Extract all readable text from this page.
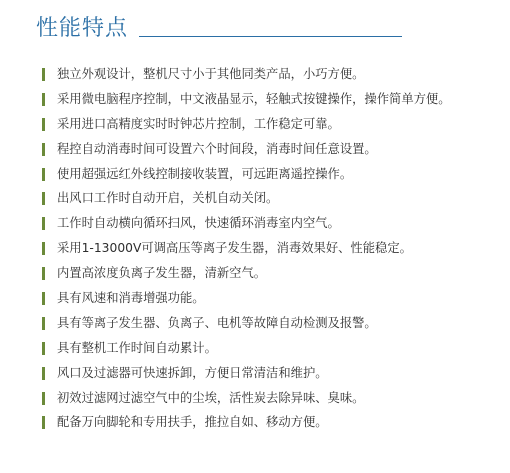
性能特点
独立外观设计，整机尺寸小于其他同类产品，小巧方便。
采用微电脑程序控制，中文液晶显示，轻触式按键操作，操作简单方便。
采用进口高精度实时时钟芯片控制，工作稳定可靠。
程控自动消毒时间可设置六个时间段，消毒时间任意设置。
使用超强远红外线控制接收装置，可远距离遥控操作。
出风口工作时自动开启，关机自动关闭。
工作时自动横向循环扫风，快速循环消毒室内空气。
采用1-13000V可调高压等离子发生器，消毒效果好、性能稳定。
内置高浓度负离子发生器，清新空气。
具有风速和消毒增强功能。
具有等离子发生器、负离子、电机等故障自动检测及报警。
具有整机工作时间自动累计。
风口及过滤器可快速拆卸，方便日常清洁和维护。
初效过滤网过滤空气中的尘埃，活性炭去除异味、臭味。
配备万向脚轮和专用扶手，推拉自如、移动方便。
